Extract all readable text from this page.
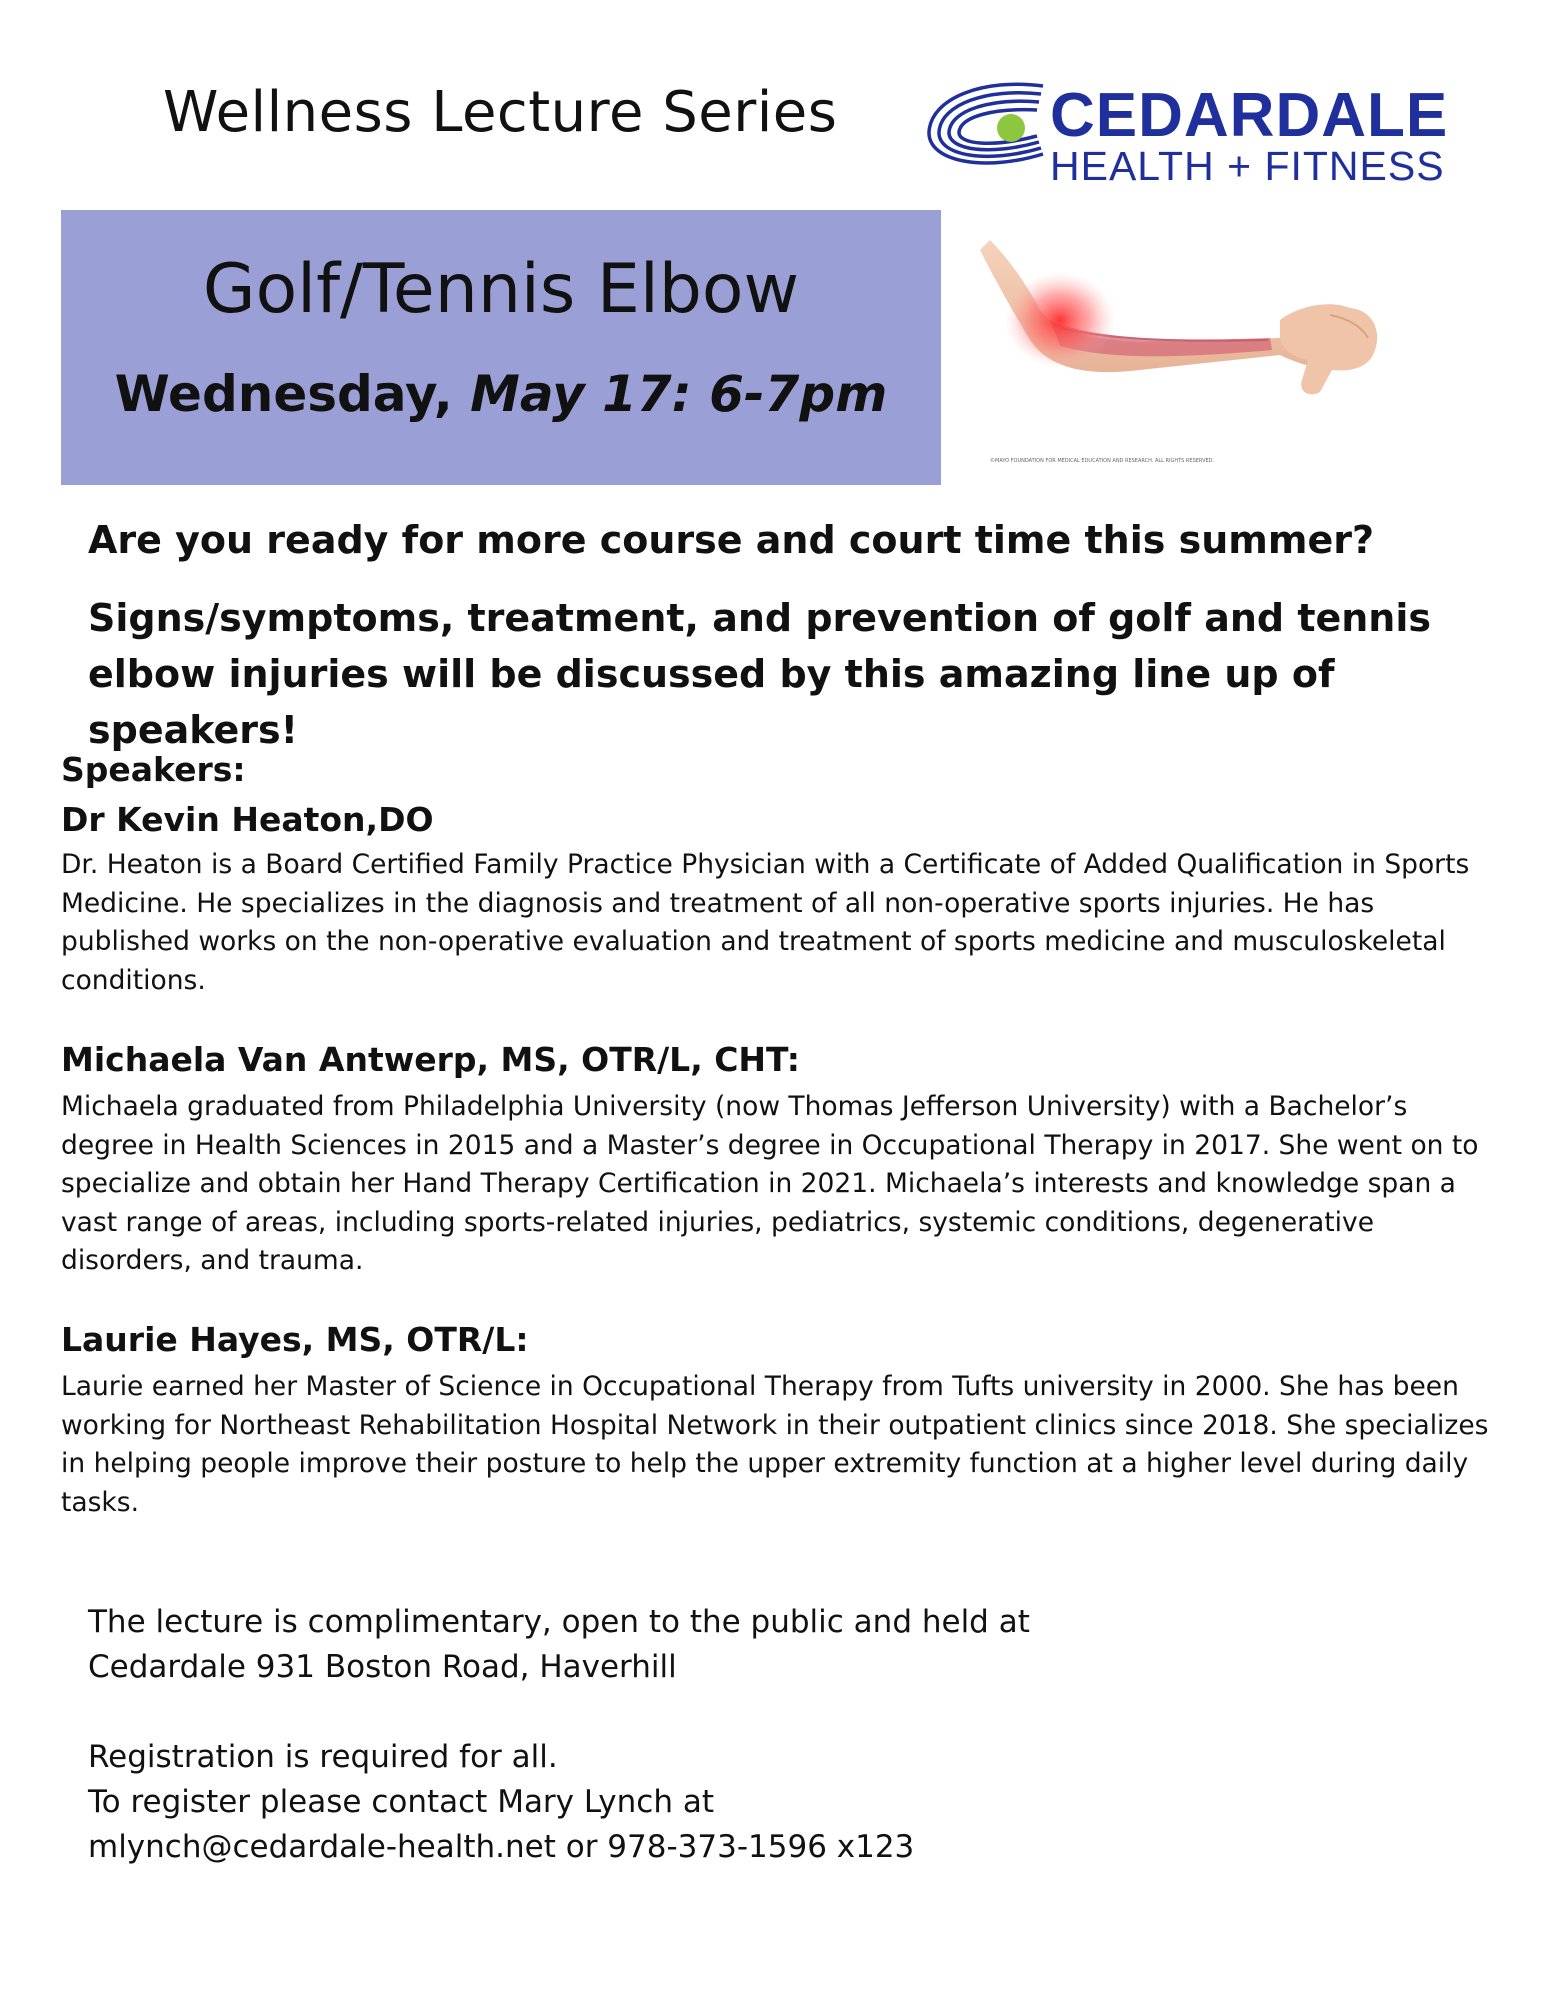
Wellness Lecture Series	CEDARDALE
HEALTH + FITNESS
Golf/Tennis Elbow
Wednesday, May 17: 6-7pm
©MAYO FOUNDATION FOR MEDICAL EDUCATION AND RESEARCH. ALL RIGHTS RESERVED.
Are you ready for more course and court time this summer?
Signs/symptoms, treatment, and prevention of golf and tennis elbow injuries will be discussed by this amazing line up of speakers!
Speakers:
Dr Kevin Heaton,DO
Dr. Heaton is a Board Certified Family Practice Physician with a Certificate of Added Qualification in Sports Medicine. He specializes in the diagnosis and treatment of all non-operative sports injuries. He has published works on the non-operative evaluation and treatment of sports medicine and musculoskeletal conditions.
Michaela Van Antwerp, MS, OTR/L, CHT:
Michaela graduated from Philadelphia University (now Thomas Jefferson University) with a Bachelor’s degree in Health Sciences in 2015 and a Master’s degree in Occupational Therapy in 2017. She went on to specialize and obtain her Hand Therapy Certification in 2021. Michaela’s interests and knowledge span a vast range of areas, including sports-related injuries, pediatrics, systemic conditions, degenerative disorders, and trauma.
Laurie Hayes, MS, OTR/L:
Laurie earned her Master of Science in Occupational Therapy from Tufts university in 2000. She has been working for Northeast Rehabilitation Hospital Network in their outpatient clinics since 2018. She specializes in helping people improve their posture to help the upper extremity function at a higher level during daily tasks.
The lecture is complimentary, open to the public and held at
Cedardale 931 Boston Road, Haverhill
Registration is required for all.
To register please contact Mary Lynch at
mlynch@cedardale-health.net or 978-373-1596 x123
